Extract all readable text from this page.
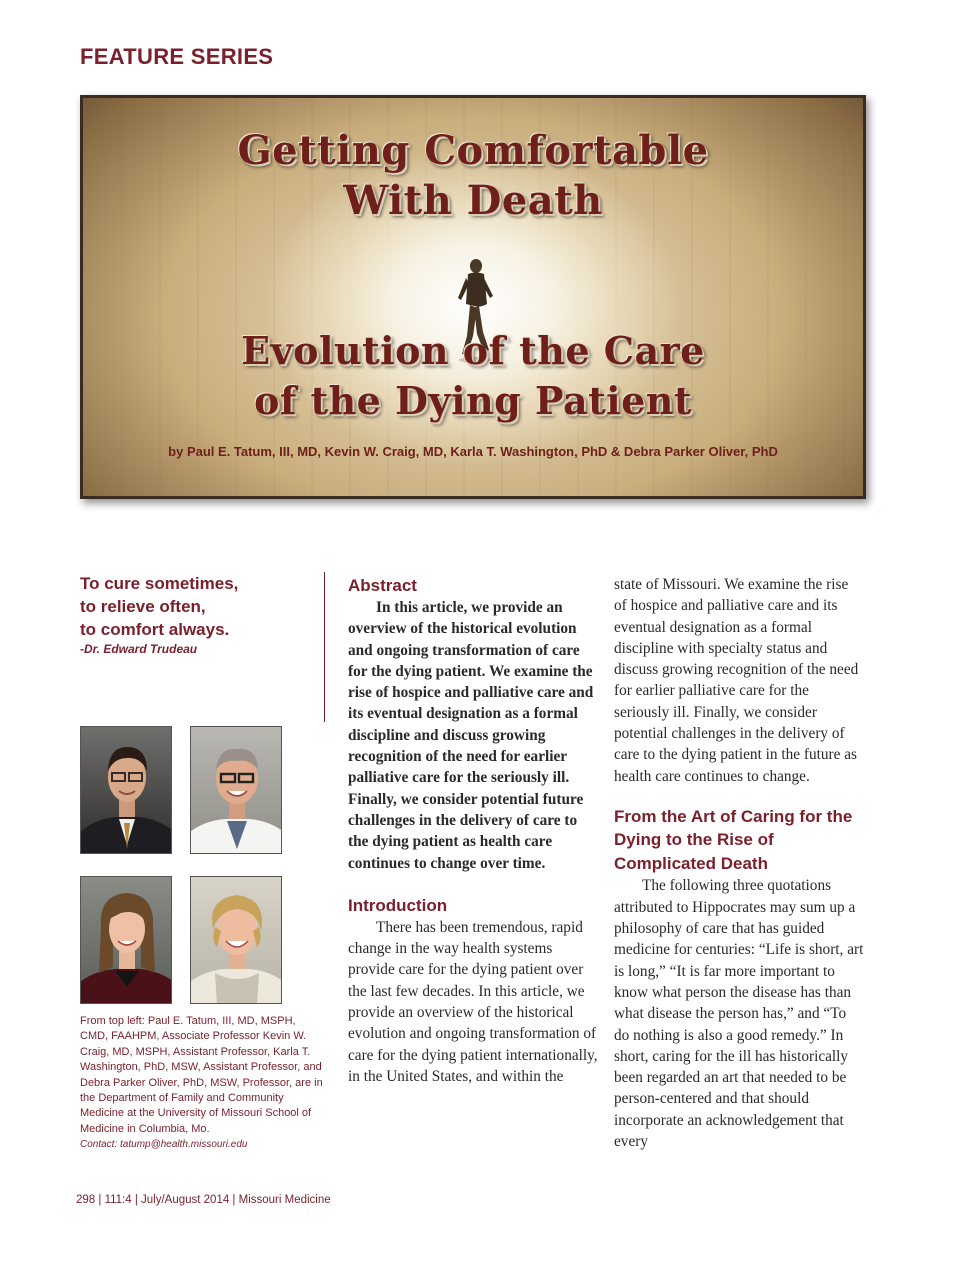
FEATURE SERIES
Getting Comfortable
With Death
Evolution of the Care
of the Dying Patient
by Paul E. Tatum, III, MD, Kevin W. Craig, MD, Karla T. Washington, PhD & Debra Parker Oliver, PhD
To cure sometimes,
to relieve often,
to comfort always.
-Dr. Edward Trudeau
From top left: Paul E. Tatum, III, MD, MSPH, CMD, FAAHPM, Associate Professor Kevin W. Craig, MD, MSPH, Assistant Professor, Karla T. Washington, PhD, MSW, Assistant Professor, and Debra Parker Oliver, PhD, MSW, Professor, are in the Department of Family and Community Medicine at the University of Missouri School of Medicine in Columbia, Mo.
Contact: tatump@health.missouri.edu
Abstract

In this article, we provide an overview of the historical evolution and ongoing transformation of care for the dying patient. We examine the rise of hospice and palliative care and its eventual designation as a formal discipline and discuss growing recognition of the need for earlier palliative care for the seriously ill. Finally, we consider potential future challenges in the delivery of care to the dying patient as health care continues to change over time.

Introduction

There has been tremendous, rapid change in the way health systems provide care for the dying patient over the last few decades. In this article, we provide an overview of the historical evolution and ongoing transformation of care for the dying patient internationally, in the United States, and within the

state of Missouri. We examine the rise of hospice and palliative care and its eventual designation as a formal discipline with specialty status and discuss growing recognition of the need for earlier palliative care for the seriously ill. Finally, we consider potential challenges in the delivery of care to the dying patient in the future as health care continues to change.

From the Art of Caring for the Dying to the Rise of Complicated Death

The following three quotations attributed to Hippocrates may sum up a philosophy of care that has guided medicine for centuries: “Life is short, art is long,” “It is far more important to know what person the disease has than what disease the person has,” and “To do nothing is also a good remedy.” In short, caring for the ill has historically been regarded an art that needed to be person-centered and that should incorporate an acknowledgement that every

298 | 111:4 | July/August 2014 | Missouri Medicine
